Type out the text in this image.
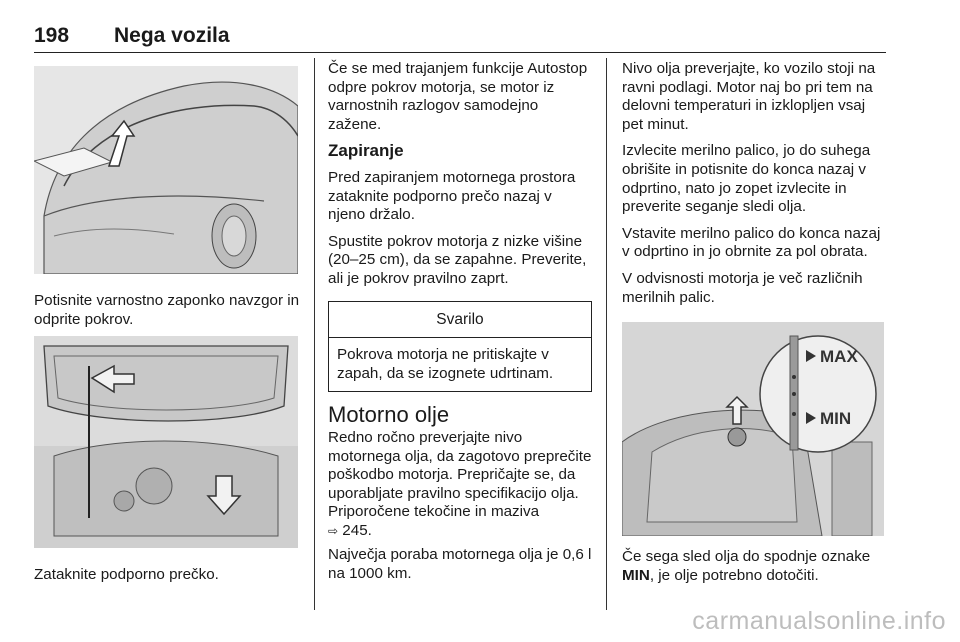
198 Nega vozila

Potisnite varnostno zaponko navzgor in odprite pokrov.

Zataknite podporno prečko.

Če se med trajanjem funkcije Autostop odpre pokrov motorja, se motor iz varnostnih razlogov samodejno zažene.

Zapiranje

Pred zapiranjem motornega prostora zataknite podporno prečo nazaj v njeno držalo.

Spustite pokrov motorja z nizke višine (20–25 cm), da se zapahne. Preverite, ali je pokrov pravilno zaprt.

Svarilo
Pokrova motorja ne pritiskajte v zapah, da se izognete udrtinam.
Motorno olje

Redno ročno preverjajte nivo motornega olja, da zagotovo preprečite poškodbo motorja. Prepričajte se, da uporabljate pravilno specifikacijo olja.
Priporočene tekočine in maziva
⇨ 245.

Največja poraba motornega olja je 0,6 l na 1000 km.

Nivo olja preverjajte, ko vozilo stoji na ravni podlagi. Motor naj bo pri tem na delovni temperaturi in izklopljen vsaj pet minut.

Izvlecite merilno palico, jo do suhega obrišite in potisnite do konca nazaj v odprtino, nato jo zopet izvlecite in preverite seganje sledi olja.

Vstavite merilno palico do konca nazaj v odprtino in jo obrnite za pol obrata.

V odvisnosti motorja je več različnih merilnih palic.

MAX
MIN

Če sega sled olja do spodnje oznake MIN, je olje potrebno dotočiti.

carmanualsonline.info
